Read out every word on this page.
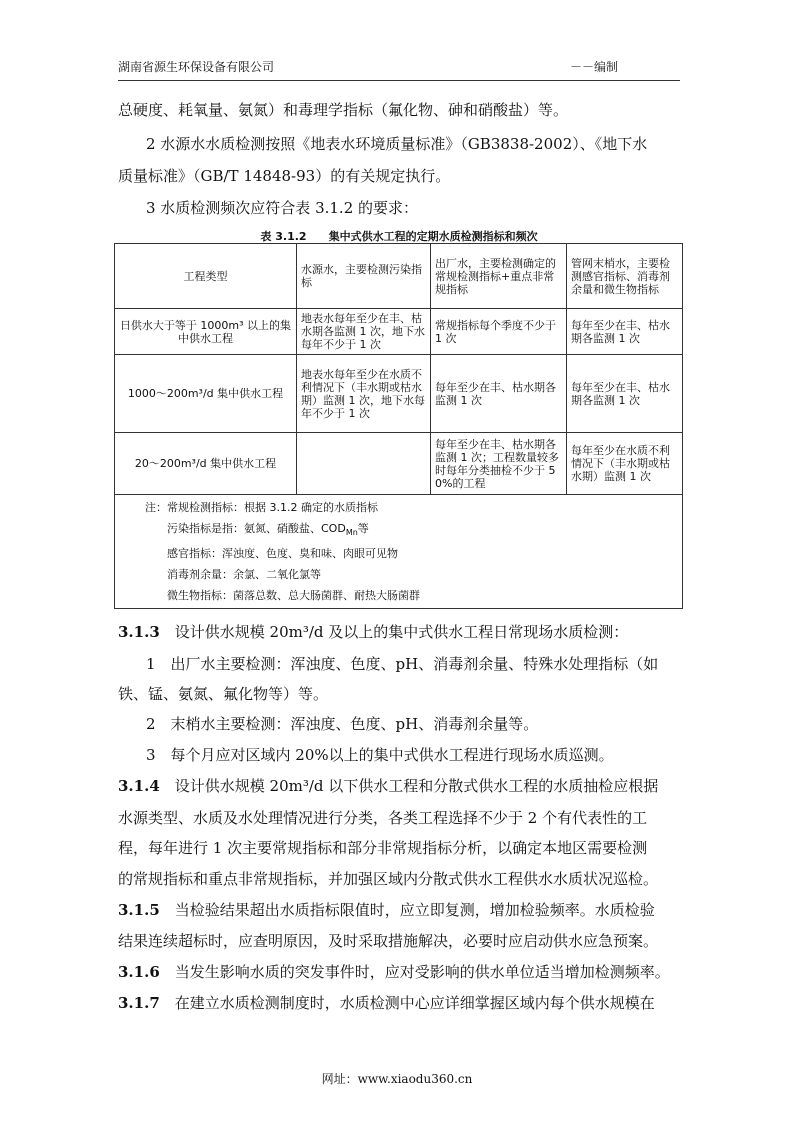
湖南省源生环保设备有限公司	－－编制
总硬度、耗氧量、氨氮）和毒理学指标（氟化物、砷和硝酸盐）等。
2 水源水水质检测按照《地表水环境质量标准》（GB3838-2002）、《地下水
质量标准》（GB/T 14848-93）的有关规定执行。
3 水质检测频次应符合表 3.1.2 的要求：
表 3.1.2　　集中式供水工程的定期水质检测指标和频次
工程类型	水源水，主要检测污染指标	出厂水，主要检测确定的常规检测指标+重点非常规指标	管网末梢水，主要检测感官指标、消毒剂余量和微生物指标
日供水大于等于 1000m³ 以上的集中供水工程	地表水每年至少在丰、枯水期各监测 1 次，地下水每年不少于 1 次	常规指标每个季度不少于 1 次	每年至少在丰、枯水期各监测 1 次
1000～200m³/d 集中供水工程	地表水每年至少在水质不利情况下（丰水期或枯水期）监测 1 次，地下水每年不少于 1 次	每年至少在丰、枯水期各监测 1 次	每年至少在丰、枯水期各监测 1 次
20～200m³/d 集中供水工程		每年至少在丰、枯水期各监测 1 次；工程数量较多时每年分类抽检不少于 50%的工程	每年至少在水质不利情况下（丰水期或枯水期）监测 1 次

注：常规检测指标：根据 3.1.2 确定的水质指标
污染指标是指：氨氮、硝酸盐、$COD_{Mn}$等
感官指标：浑浊度、色度、臭和味、肉眼可见物
消毒剂余量：余氯、二氧化氯等
微生物指标：菌落总数、总大肠菌群、耐热大肠菌群			
3.1.3　 设计供水规模 20m³/d 及以上的集中式供水工程日常现场水质检测：
1　出厂水主要检测：浑浊度、色度、pH、消毒剂余量、特殊水处理指标（如
铁、锰、氨氮、氟化物等）等。
2　末梢水主要检测：浑浊度、色度、pH、消毒剂余量等。
3　每个月应对区域内 20%以上的集中式供水工程进行现场水质巡测。
3.1.4　 设计供水规模 20m³/d 以下供水工程和分散式供水工程的水质抽检应根据
水源类型、水质及水处理情况进行分类，各类工程选择不少于 2 个有代表性的工
程，每年进行 1 次主要常规指标和部分非常规指标分析，以确定本地区需要检测
的常规指标和重点非常规指标，并加强区域内分散式供水工程供水水质状况巡检。
3.1.5　 当检验结果超出水质指标限值时，应立即复测，增加检验频率。水质检验
结果连续超标时，应查明原因，及时采取措施解决，必要时应启动供水应急预案。
3.1.6　 当发生影响水质的突发事件时，应对受影响的供水单位适当增加检测频率。
3.1.7　 在建立水质检测制度时，水质检测中心应详细掌握区域内每个供水规模在
网址：www.xiaodu360.cn
